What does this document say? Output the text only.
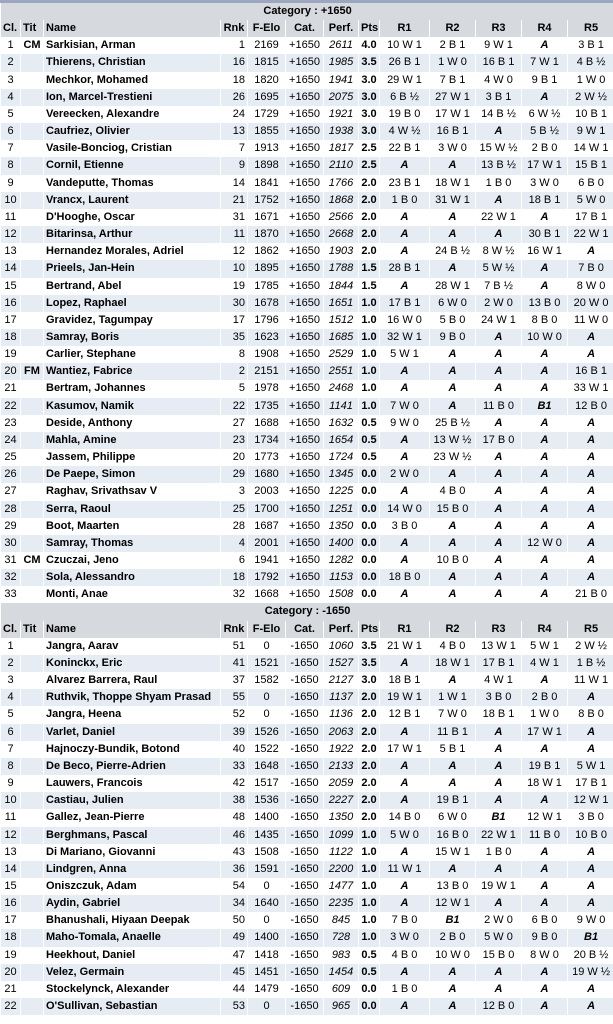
Category : +1650												
Cl.	Tit	Name	Rnk	F-Elo	Cat.	Perf.	Pts	R1	R2	R3	R4	R5
1	CM	Sarkisian, Arman	1	2169	+1650	2611	4.0	10 W 1	2 B 1	9 W 1	A	3 B 1
2		Thierens, Christian	16	1815	+1650	1985	3.5	26 B 1	1 W 0	16 B 1	7 W 1	4 B ½
3		Mechkor, Mohamed	18	1820	+1650	1941	3.0	29 W 1	7 B 1	4 W 0	9 B 1	1 W 0
4		Ion, Marcel-Trestieni	26	1695	+1650	2075	3.0	6 B ½	27 W 1	3 B 1	A	2 W ½
5		Vereecken, Alexandre	24	1729	+1650	1921	3.0	19 B 0	17 W 1	14 B ½	6 W ½	10 B 1
6		Caufriez, Olivier	13	1855	+1650	1938	3.0	4 W ½	16 B 1	A	5 B ½	9 W 1
7		Vasile-Bonciog, Cristian	7	1913	+1650	1817	2.5	22 B 1	3 W 0	15 W ½	2 B 0	14 W 1
8		Cornil, Etienne	9	1898	+1650	2110	2.5	A	A	13 B ½	17 W 1	15 B 1
9		Vandeputte, Thomas	14	1841	+1650	1766	2.0	23 B 1	18 W 1	1 B 0	3 W 0	6 B 0
10		Vrancx, Laurent	21	1752	+1650	1868	2.0	1 B 0	31 W 1	A	18 B 1	5 W 0
11		D'Hooghe, Oscar	31	1671	+1650	2566	2.0	A	A	22 W 1	A	17 B 1
12		Bitarinsa, Arthur	11	1870	+1650	2668	2.0	A	A	A	30 B 1	22 W 1
13		Hernandez Morales, Adriel	12	1862	+1650	1903	2.0	A	24 B ½	8 W ½	16 W 1	A
14		Prieels, Jan-Hein	10	1895	+1650	1788	1.5	28 B 1	A	5 W ½	A	7 B 0
15		Bertrand, Abel	19	1785	+1650	1844	1.5	A	28 W 1	7 B ½	A	8 W 0
16		Lopez, Raphael	30	1678	+1650	1651	1.0	17 B 1	6 W 0	2 W 0	13 B 0	20 W 0
17		Gravidez, Tagumpay	17	1796	+1650	1512	1.0	16 W 0	5 B 0	24 W 1	8 B 0	11 W 0
18		Samray, Boris	35	1623	+1650	1685	1.0	32 W 1	9 B 0	A	10 W 0	A
19		Carlier, Stephane	8	1908	+1650	2529	1.0	5 W 1	A	A	A	A
20	FM	Wantiez, Fabrice	2	2151	+1650	2551	1.0	A	A	A	A	16 B 1
21		Bertram, Johannes	5	1978	+1650	2468	1.0	A	A	A	A	33 W 1
22		Kasumov, Namik	22	1735	+1650	1141	1.0	7 W 0	A	11 B 0	B1	12 B 0
23		Deside, Anthony	27	1688	+1650	1632	0.5	9 W 0	25 B ½	A	A	A
24		Mahla, Amine	23	1734	+1650	1654	0.5	A	13 W ½	17 B 0	A	A
25		Jassem, Philippe	20	1773	+1650	1724	0.5	A	23 W ½	A	A	A
26		De Paepe, Simon	29	1680	+1650	1345	0.0	2 W 0	A	A	A	A
27		Raghav, Srivathsav V	3	2003	+1650	1225	0.0	A	4 B 0	A	A	A
28		Serra, Raoul	25	1700	+1650	1251	0.0	14 W 0	15 B 0	A	A	A
29		Boot, Maarten	28	1687	+1650	1350	0.0	3 B 0	A	A	A	A
30		Samray, Thomas	4	2001	+1650	1400	0.0	A	A	A	12 W 0	A
31	CM	Czuczai, Jeno	6	1941	+1650	1282	0.0	A	10 B 0	A	A	A
32		Sola, Alessandro	18	1792	+1650	1153	0.0	18 B 0	A	A	A	A
33		Monti, Anae	32	1668	+1650	1508	0.0	A	A	A	A	21 B 0
Category : -1650												
Cl.	Tit	Name	Rnk	F-Elo	Cat.	Perf.	Pts	R1	R2	R3	R4	R5
1		Jangra, Aarav	51	0	-1650	1060	3.5	21 W 1	4 B 0	13 W 1	5 W 1	2 W ½
2		Koninckx, Eric	41	1521	-1650	1527	3.5	A	18 W 1	17 B 1	4 W 1	1 B ½
3		Alvarez Barrera, Raul	37	1582	-1650	2127	3.0	18 B 1	A	4 W 1	A	11 W 1
4		Ruthvik, Thoppe Shyam Prasad	55	0	-1650	1137	2.0	19 W 1	1 W 1	3 B 0	2 B 0	A
5		Jangra, Heena	52	0	-1650	1136	2.0	12 B 1	7 W 0	18 B 1	1 W 0	8 B 0
6		Varlet, Daniel	39	1526	-1650	2063	2.0	A	11 B 1	A	17 W 1	A
7		Hajnoczy-Bundik, Botond	40	1522	-1650	1922	2.0	17 W 1	5 B 1	A	A	A
8		De Beco, Pierre-Adrien	33	1648	-1650	2133	2.0	A	A	A	19 B 1	5 W 1
9		Lauwers, Francois	42	1517	-1650	2059	2.0	A	A	A	18 W 1	17 B 1
10		Castiau, Julien	38	1536	-1650	2227	2.0	A	19 B 1	A	A	12 W 1
11		Gallez, Jean-Pierre	48	1400	-1650	1350	2.0	14 B 0	6 W 0	B1	12 W 1	3 B 0
12		Berghmans, Pascal	46	1435	-1650	1099	1.0	5 W 0	16 B 0	22 W 1	11 B 0	10 B 0
13		Di Mariano, Giovanni	43	1508	-1650	1122	1.0	A	15 W 1	1 B 0	A	A
14		Lindgren, Anna	36	1591	-1650	2200	1.0	11 W 1	A	A	A	A
15		Oniszczuk, Adam	54	0	-1650	1477	1.0	A	13 B 0	19 W 1	A	A
16		Aydin, Gabriel	34	1640	-1650	2235	1.0	A	12 W 1	A	A	A
17		Bhanushali, Hiyaan Deepak	50	0	-1650	845	1.0	7 B 0	B1	2 W 0	6 B 0	9 W 0
18		Maho-Tomala, Anaelle	49	1400	-1650	728	1.0	3 W 0	2 B 0	5 W 0	9 B 0	B1
19		Heekhout, Daniel	47	1418	-1650	983	0.5	4 B 0	10 W 0	15 B 0	8 W 0	20 B ½
20		Velez, Germain	45	1451	-1650	1454	0.5	A	A	A	A	19 W ½
21		Stockelynck, Alexander	44	1479	-1650	609	0.0	1 B 0	A	A	A	A
22		O'Sullivan, Sebastian	53	0	-1650	965	0.0	A	A	12 B 0	A	A
